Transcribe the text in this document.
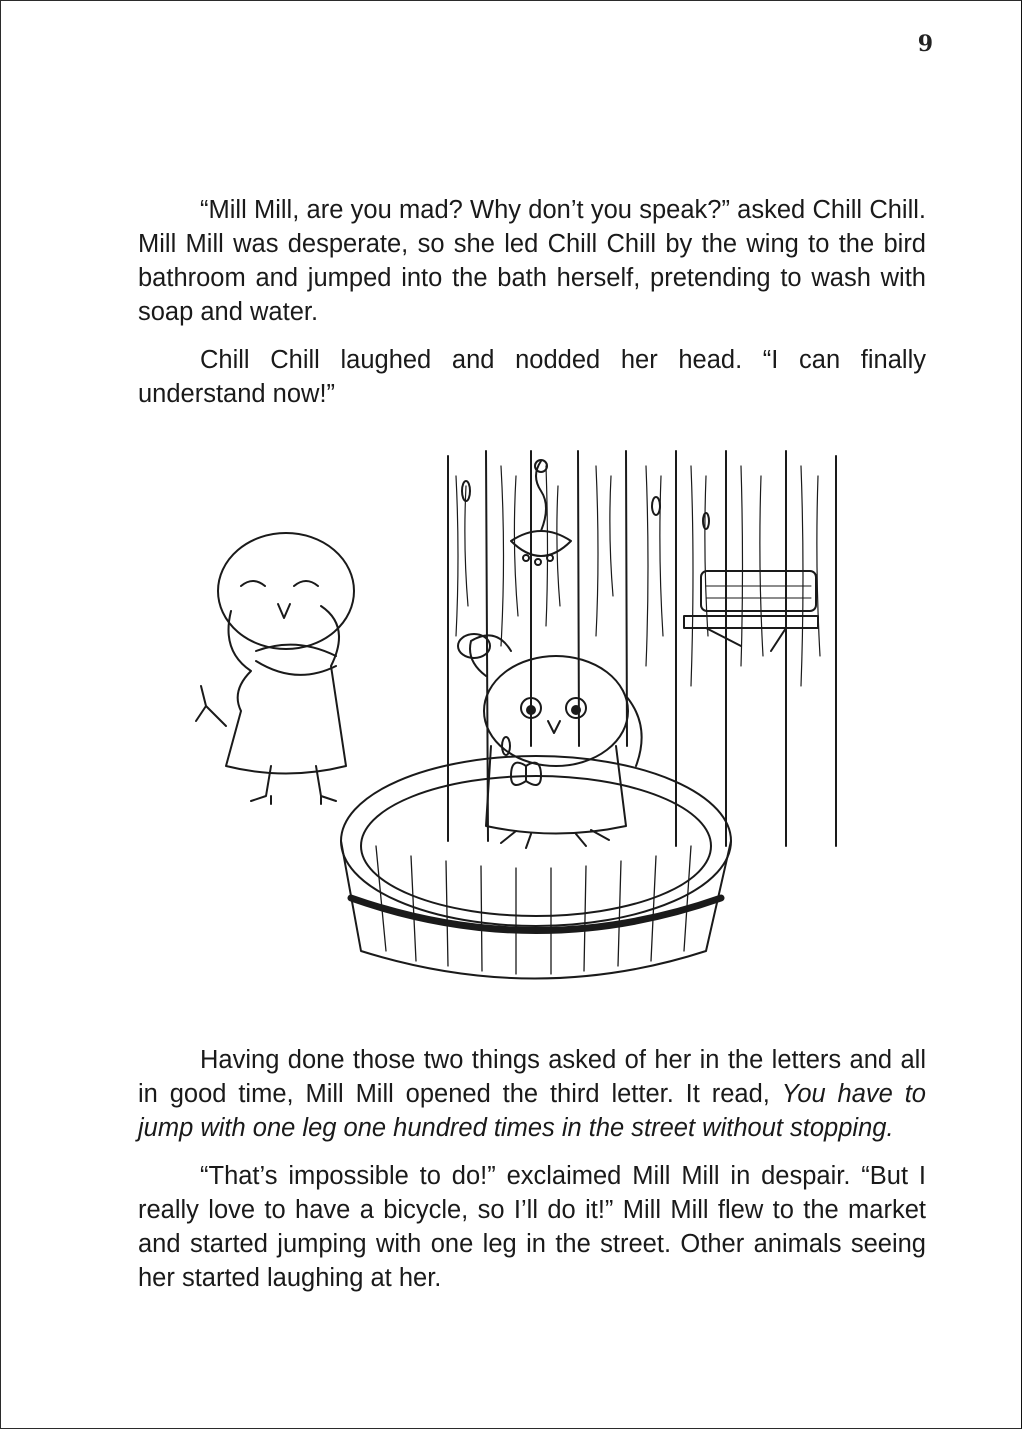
9

“Mill Mill, are you mad? Why don’t you speak?” asked Chill Chill. Mill Mill was desperate, so she led Chill Chill by the wing to the bird bathroom and jumped into the bath herself, pretending to wash with soap and water.

Chill Chill laughed and nodded her head. “I can finally understand now!”

Having done those two things asked of her in the letters and all in good time, Mill Mill opened the third letter. It read, You have to jump with one leg one hundred times in the street without stopping.

“That’s impossible to do!” exclaimed Mill Mill in despair. “But I really love to have a bicycle, so I’ll do it!” Mill Mill flew to the market and started jumping with one leg in the street. Other animals seeing her started laughing at her.
